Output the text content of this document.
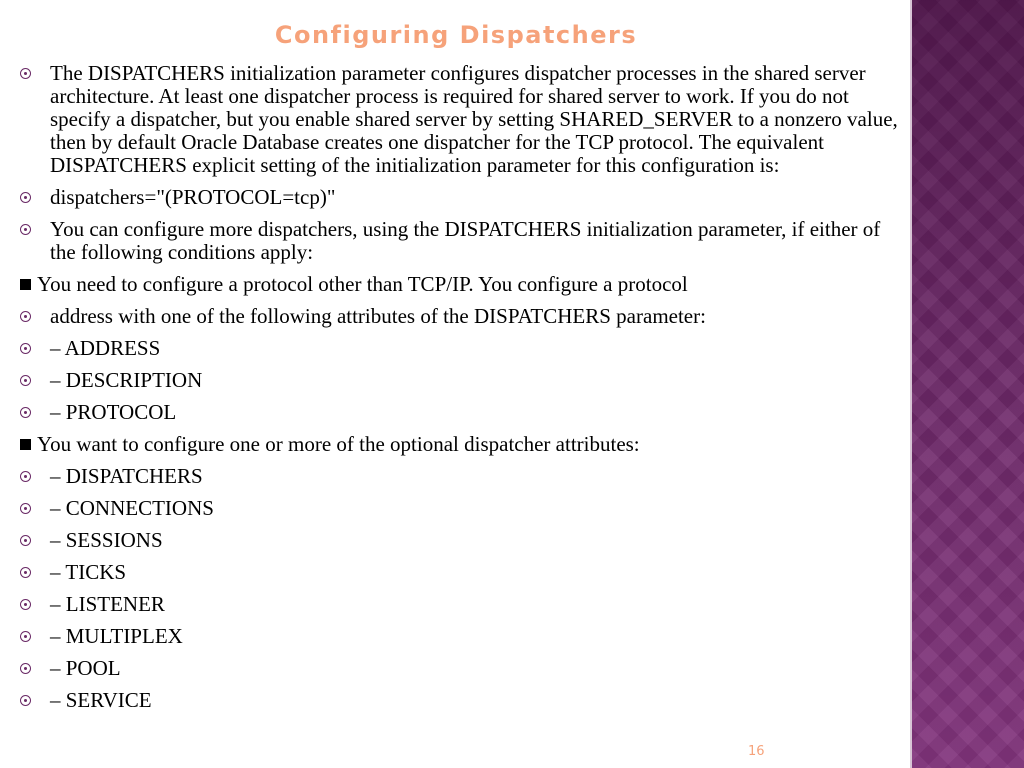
Configuring Dispatchers
The DISPATCHERS initialization parameter configures dispatcher processes in the shared server architecture. At least one dispatcher process is required for shared server to work. If you do not specify a dispatcher, but you enable shared server by setting SHARED_SERVER to a nonzero value, then by default Oracle Database creates one dispatcher for the TCP protocol. The equivalent DISPATCHERS explicit setting of the initialization parameter for this configuration is:
dispatchers="(PROTOCOL=tcp)"
You can configure more dispatchers, using the DISPATCHERS initialization parameter, if either of the following conditions apply:
You need to configure a protocol other than TCP/IP. You configure a protocol
address with one of the following attributes of the DISPATCHERS parameter:
– ADDRESS
– DESCRIPTION
– PROTOCOL
You want to configure one or more of the optional dispatcher attributes:
– DISPATCHERS
– CONNECTIONS
– SESSIONS
– TICKS
– LISTENER
– MULTIPLEX
– POOL
– SERVICE
16
